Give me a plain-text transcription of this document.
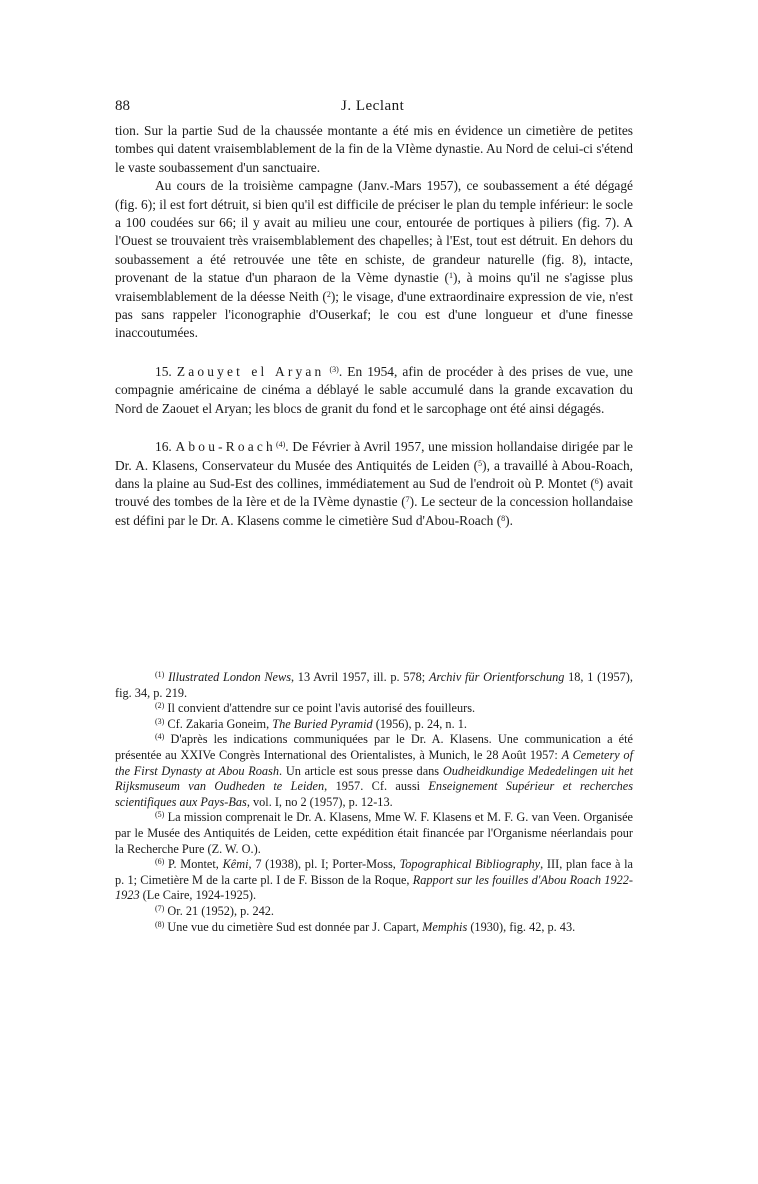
88	J. Leclant

tion. Sur la partie Sud de la chaussée montante a été mis en évidence un cimetière de petites tombes qui datent vraisemblablement de la fin de la VIème dynastie. Au Nord de celui-ci s'étend le vaste soubassement d'un sanctuaire.

Au cours de la troisième campagne (Janv.-Mars 1957), ce soubassement a été dégagé (fig. 6); il est fort détruit, si bien qu'il est difficile de préciser le plan du temple inférieur: le socle a 100 coudées sur 66; il y avait au milieu une cour, entourée de portiques à piliers (fig. 7). A l'Ouest se trouvaient très vraisemblablement des chapelles; à l'Est, tout est détruit. En dehors du soubassement a été retrouvée une tête en schiste, de grandeur naturelle (fig. 8), intacte, provenant de la statue d'un pharaon de la Vème dynastie ($^1$), à moins qu'il ne s'agisse plus vraisemblablement de la déesse Neith ($^2$); le visage, d'une extraordinaire expression de vie, n'est pas sans rappeler l'iconographie d'Ouserkaf; le cou est d'une longueur et d'une finesse inaccoutumées.

15. Zaouyet el Aryan $^{(3)}$. En 1954, afin de procéder à des prises de vue, une compagnie américaine de cinéma a déblayé le sable accumulé dans la grande excavation du Nord de Zaouet el Aryan; les blocs de granit du fond et le sarcophage ont été ainsi dégagés.

16. Abou-Roach$^{(4)}$. De Février à Avril 1957, une mission hollandaise dirigée par le Dr. A. Klasens, Conservateur du Musée des Antiquités de Leiden ($^5$), a travaillé à Abou-Roach, dans la plaine au Sud-Est des collines, immédiatement au Sud de l'endroit où P. Montet ($^6$) avait trouvé des tombes de la Ière et de la IVème dynastie ($^7$). Le secteur de la concession hollandaise est défini par le Dr. A. Klasens comme le cimetière Sud d'Abou-Roach ($^8$).

$^{(1)}$ Illustrated London News, 13 Avril 1957, ill. p. 578; Archiv für Orientforschung 18, 1 (1957), fig. 34, p. 219.

$^{(2)}$ Il convient d'attendre sur ce point l'avis autorisé des fouilleurs.

$^{(3)}$ Cf. Zakaria Goneim, The Buried Pyramid (1956), p. 24, n. 1.

$^{(4)}$ D'après les indications communiquées par le Dr. A. Klasens. Une communication a été présentée au XXIVe Congrès International des Orientalistes, à Munich, le 28 Août 1957: A Cemetery of the First Dynasty at Abou Roash. Un article est sous presse dans Oudheidkundige Mededelingen uit het Rijksmuseum van Oudheden te Leiden, 1957. Cf. aussi Enseignement Supérieur et recherches scientifiques aux Pays-Bas, vol. I, no 2 (1957), p. 12-13.

$^{(5)}$ La mission comprenait le Dr. A. Klasens, Mme W. F. Klasens et M. F. G. van Veen. Organisée par le Musée des Antiquités de Leiden, cette expédition était financée par l'Organisme néerlandais pour la Recherche Pure (Z. W. O.).

$^{(6)}$ P. Montet, Kêmi, 7 (1938), pl. I; Porter-Moss, Topographical Bibliography, III, plan face à la p. 1; Cimetière M de la carte pl. I de F. Bisson de la Roque, Rapport sur les fouilles d'Abou Roach 1922-1923 (Le Caire, 1924-1925).

$^{(7)}$ Or. 21 (1952), p. 242.

$^{(8)}$ Une vue du cimetière Sud est donnée par J. Capart, Memphis (1930), fig. 42, p. 43.
